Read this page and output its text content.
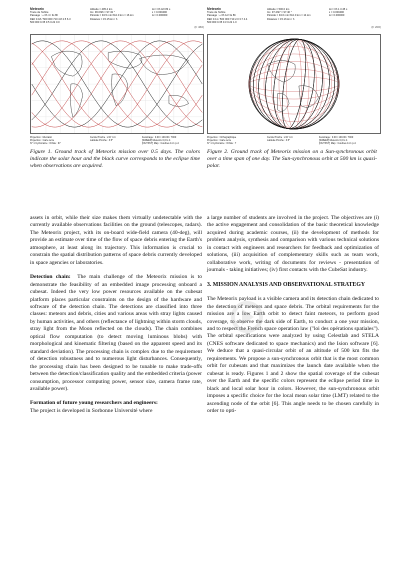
Meteorix
Trace de l'orbite
Passage : + 0h 4 / 3s 8h
DEF 0.18 / 500 000 710 4.8 2.5 6.3
500 000 0.35 0.5 0.22 0.0
Altitude = 495.4 km
Inc. 96.0/96 = 97.43 °
Période = 94.5 min Péri.0 km = 16 km
Distance = 15.15 km / h
Δt = 0h 4/3 83 s
ε = 0.000490
Δ = 0.000000
(F 460)
Projection : Mercator
Projection : Carte terre
N° 1 Cyclomètre : Orbite : 97
Cercle Proche : 2-D' 4.4
Latitude Proche : 3.5°
Fenêtrage : 0.00 / 100.00 / 7000
[SWEEP] Meteorix 0,0 Is 4
[OUTPUT] Map : Courbes 11 1 p-4
Meteorix
Trace de l'orbite
Passage : + 0h 1/2 3s 8h
DEF 0.11 / 500 000 710 2.0 3.7 4.4
500 000 0.35 0.3 0.22 1.0
Altitude = 500.0 km
Inc. 97.4/97 = 97.40 °
Période = 94.6 min Péri.0 km = 14 km
Distance = 15.16 km / h
Δt = 0h 1 3.45 s
ε = 0.000490
Δ = 0.000000
(F 200)
Projection : Orthographique
Projection : Carte terre
N° 1 Cyclomètre : Orbite : 7
Cercle Proche : 2-D' 4.4
Latitude Proche : 3.5°
Fenêtrage : 0.00 / 100.00 / 7000
[SWEEP] Meteorix 0,0 Is 4
[OUTPUT] Map : Courbes 11 1 p-4
Figure 1. Ground track of Meteorix mission over 0.5 days. The colors indicate the solar hour and the black curve corresponds to the eclipse time when observations are acquired.
Figure 2. Ground track of Meteorix mission on a Sun-synchronous orbit over a time span of one day. The Sun-synchronous orbit at 500 km is quasi-polar.

assets in orbit, while their size makes them virtually undetectable with the currently available observations facilities on the ground (telescopes, radars). The Meteorix project, with its on-board wide-field camera (40-deg), will provide an estimate over time of the flow of space debris entering the Earth's atmosphere, at least along its trajectory. This information is crucial to constrain the spatial distribution patterns of space debris currently developed in space agencies or laboratories.

Detection chain: The main challenge of the Meteorix mission is to demonstrate the feasibility of an embedded image processing onboard a cubesat. Indeed the very low power resources available on the cubesat platform places particular constraints on the design of the hardware and software of the detection chain. The detections are classified into three classes: meteors and debris, cities and various areas with stray lights caused by human activities, and others (reflectance of lightning within storm clouds, stray light from the Moon reflected on the clouds). The chain combines optical flow computation (to detect moving luminous blobs) with morphological and kinematic filtering (based on the apparent speed and its standard deviation). The processing chain is complex due to the requirement of detection robustness and to numerous light disturbances. Consequently, the processing chain has been designed to be tunable to make trade-offs between the detection/classification quality and the embedded criteria (power consumption, processor computing power, sensor size, camera frame rate, available power).

Formation of future young researchers and engineers:
The project is developed in Sorbonne Université where

a large number of students are involved in the project. The objectives are (i) the active engagement and consolidation of the basic theoretical knowledge acquired during academic courses, (ii) the development of methods for problem analysis, synthesis and comparison with various technical solutions in contact with engineers and researchers for feedback and optimization of solutions, (iii) acquisition of complementary skills such as team work, collaborative work, writing of documents for reviews - presentation of journals - taking initiatives; (iv) first contacts with the CubeSat industry.

3. MISSION ANALYSIS AND OBSERVATIONAL STRATEGY

The Meteorix payload is a visible camera and its detection chain dedicated to the detection of meteors and space debris. The orbital requirements for the mission are a low Earth orbit to detect faint meteors, to perform good coverage, to observe the dark side of Earth, to conduct a one year mission, and to respect the French space operation law ("loi des opérations spatiales"). The orbital specifications were analyzed by using Celestlab and STELA (CNES software dedicated to space mechanics) and the Ision software [6]. We deduce that a quasi-circular orbit of an altitude of 500 km fits the requirements. We propose a sun-synchronous orbit that is the most common orbit for cubesats and that maximizes the launch date available when the cubesat is ready. Figures 1 and 2 show the spatial coverage of the cubesat over the Earth and the specific colors represent the eclipse period time in black and local solar hour in colors. However, the sun-synchronous orbit imposes a specific choice for the local mean solar time (LMT) related to the ascending node of the orbit [6]. This angle needs to be chosen carefully in order to opti-
